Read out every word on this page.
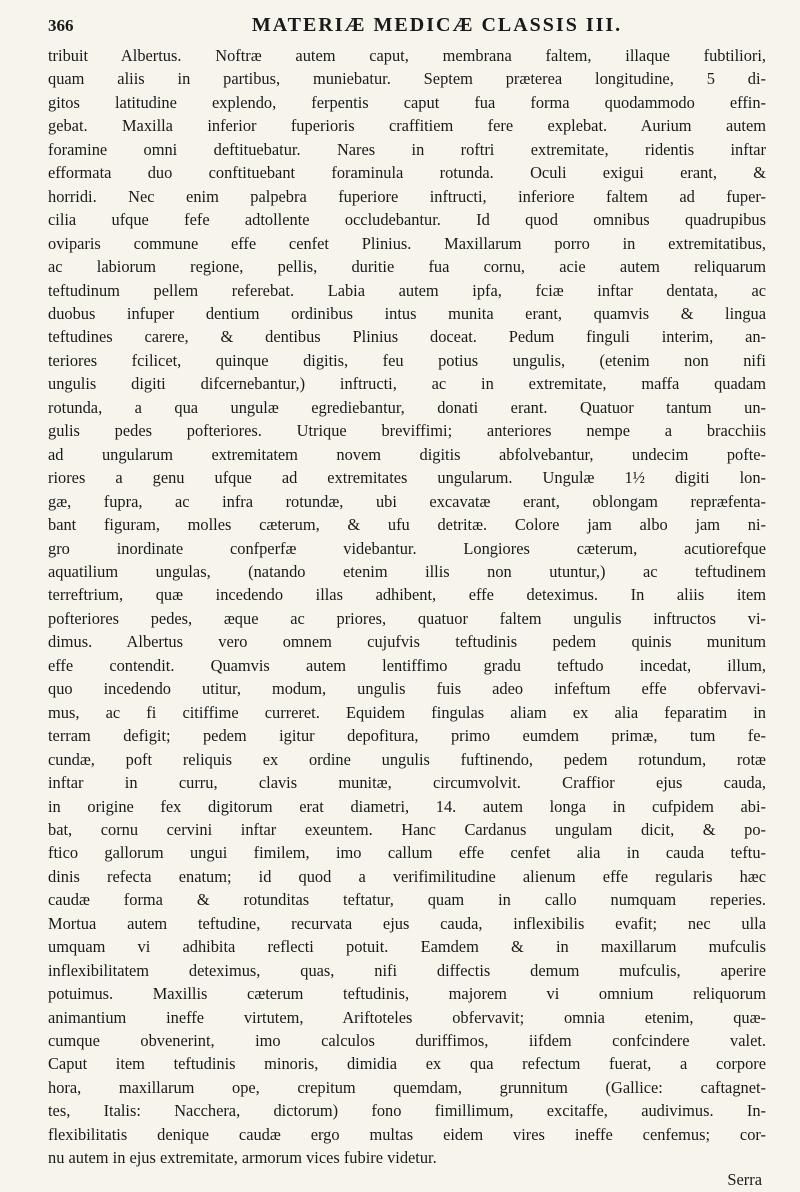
366	MATERIÆ MEDICÆ CLASSIS III.
tribuit Albertus. Noftræ autem caput, membrana faltem, illaque fubtiliori,
quam aliis in partibus, muniebatur. Septem præterea longitudine, 5 di-
gitos latitudine explendo, ferpentis caput fua forma quodammodo effin-
gebat. Maxilla inferior fuperioris craffitiem fere explebat. Aurium autem
foramine omni deftituebatur. Nares in roftri extremitate, ridentis inftar
efformata duo conftituebant foraminula rotunda. Oculi exigui erant, &
horridi. Nec enim palpebra fuperiore inftructi, inferiore faltem ad fuper-
cilia ufque fefe adtollente occludebantur. Id quod omnibus quadrupibus
oviparis commune effe cenfet Plinius. Maxillarum porro in extremitatibus,
ac labiorum regione, pellis, duritie fua cornu, acie autem reliquarum
teftudinum pellem referebat. Labia autem ipfa, fciæ inftar dentata, ac
duobus infuper dentium ordinibus intus munita erant, quamvis & lingua
teftudines carere, & dentibus Plinius doceat. Pedum finguli interim, an-
teriores fcilicet, quinque digitis, feu potius ungulis, (etenim non nifi
ungulis digiti difcernebantur,) inftructi, ac in extremitate, maffa quadam
rotunda, a qua ungulæ egrediebantur, donati erant. Quatuor tantum un-
gulis pedes pofteriores. Utrique breviffimi; anteriores nempe a bracchiis
ad ungularum extremitatem novem digitis abfolvebantur, undecim pofte-
riores a genu ufque ad extremitates ungularum. Ungulæ 1½ digiti lon-
gæ, fupra, ac infra rotundæ, ubi excavatæ erant, oblongam repræfenta-
bant figuram, molles cæterum, & ufu detritæ. Colore jam albo jam ni-
gro inordinate confperfæ videbantur. Longiores cæterum, acutiorefque
aquatilium ungulas, (natando etenim illis non utuntur,) ac teftudinem
terreftrium, quæ incedendo illas adhibent, effe deteximus. In aliis item
pofteriores pedes, æque ac priores, quatuor faltem ungulis inftructos vi-
dimus. Albertus vero omnem cujufvis teftudinis pedem quinis munitum
effe contendit. Quamvis autem lentiffimo gradu teftudo incedat, illum,
quo incedendo utitur, modum, ungulis fuis adeo infeftum effe obfervavi-
mus, ac fi citiffime curreret. Equidem fingulas aliam ex alia feparatim in
terram defigit; pedem igitur depofitura, primo eumdem primæ, tum fe-
cundæ, poft reliquis ex ordine ungulis fuftinendo, pedem rotundum, rotæ
inftar in curru, clavis munitæ, circumvolvit. Craffior ejus cauda,
in origine fex digitorum erat diametri, 14. autem longa in cufpidem abi-
bat, cornu cervini inftar exeuntem. Hanc Cardanus ungulam dicit, & po-
ftico gallorum ungui fimilem, imo callum effe cenfet alia in cauda teftu-
dinis refecta enatum; id quod a verifimilitudine alienum effe regularis hæc
caudæ forma & rotunditas teftatur, quam in callo numquam reperies.
Mortua autem teftudine, recurvata ejus cauda, inflexibilis evafit; nec ulla
umquam vi adhibita reflecti potuit. Eamdem & in maxillarum mufculis
inflexibilitatem deteximus, quas, nifi diffectis demum mufculis, aperire
potuimus. Maxillis cæterum teftudinis, majorem vi omnium reliquorum
animantium ineffe virtutem, Ariftoteles obfervavit; omnia etenim, quæ-
cumque obvenerint, imo calculos duriffimos, iifdem confcindere valet.
Caput item teftudinis minoris, dimidia ex qua refectum fuerat, a corpore
hora, maxillarum ope, crepitum quemdam, grunnitum (Gallice: caftagnet-
tes, Italis: Nacchera, dictorum) fono fimillimum, excitaffe, audivimus. In-
flexibilitatis denique caudæ ergo multas eidem vires ineffe cenfemus; cor-
nu autem in ejus extremitate, armorum vices fubire videtur.
Serra
